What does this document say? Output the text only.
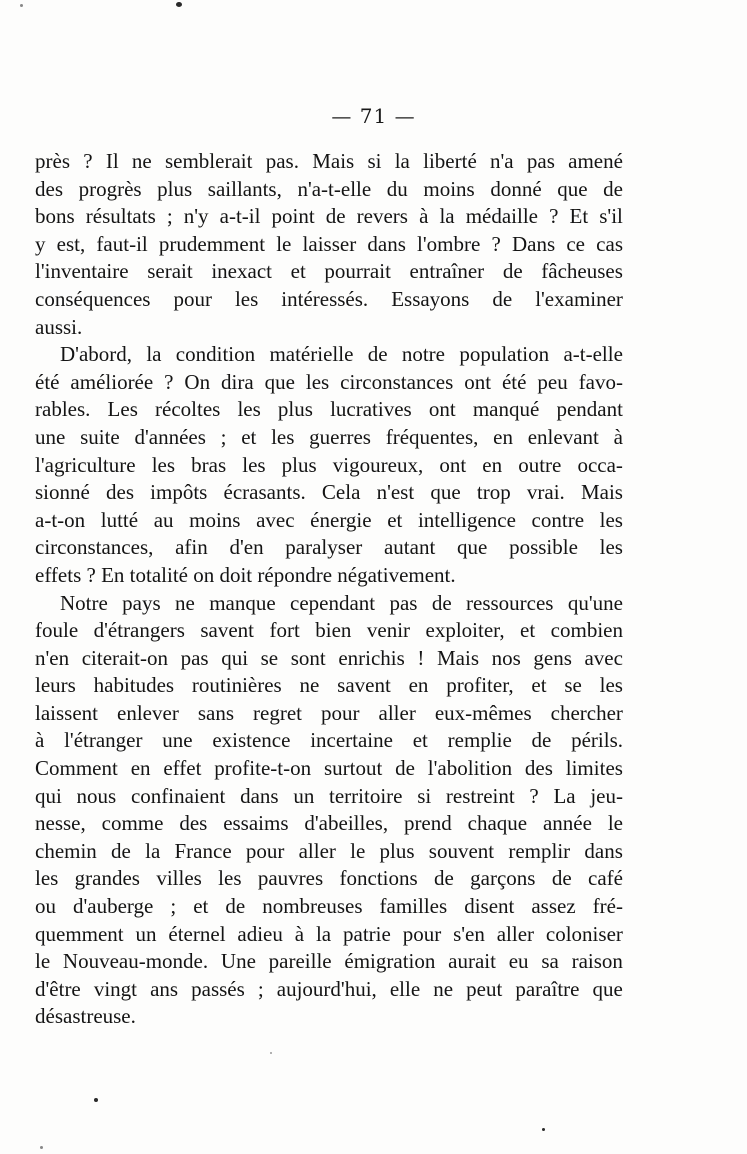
— 71 —

près ? Il ne semblerait pas. Mais si la liberté n'a pas amené
des progrès plus saillants, n'a-t-elle du moins donné que de
bons résultats ; n'y a-t-il point de revers à la médaille ? Et s'il
y est, faut-il prudemment le laisser dans l'ombre ? Dans ce cas
l'inventaire serait inexact et pourrait entraîner de fâcheuses
conséquences pour les intéressés. Essayons de l'examiner
aussi.

D'abord, la condition matérielle de notre population a-t-elle
été améliorée ? On dira que les circonstances ont été peu favo-
rables. Les récoltes les plus lucratives ont manqué pendant
une suite d'années ; et les guerres fréquentes, en enlevant à
l'agriculture les bras les plus vigoureux, ont en outre occa-
sionné des impôts écrasants. Cela n'est que trop vrai. Mais
a-t-on lutté au moins avec énergie et intelligence contre les
circonstances, afin d'en paralyser autant que possible les
effets ? En totalité on doit répondre négativement.

Notre pays ne manque cependant pas de ressources qu'une
foule d'étrangers savent fort bien venir exploiter, et combien
n'en citerait-on pas qui se sont enrichis ! Mais nos gens avec
leurs habitudes routinières ne savent en profiter, et se les
laissent enlever sans regret pour aller eux-mêmes chercher
à l'étranger une existence incertaine et remplie de périls.
Comment en effet profite-t-on surtout de l'abolition des limites
qui nous confinaient dans un territoire si restreint ? La jeu-
nesse, comme des essaims d'abeilles, prend chaque année le
chemin de la France pour aller le plus souvent remplir dans
les grandes villes les pauvres fonctions de garçons de café
ou d'auberge ; et de nombreuses familles disent assez fré-
quemment un éternel adieu à la patrie pour s'en aller coloniser
le Nouveau-monde. Une pareille émigration aurait eu sa raison
d'être vingt ans passés ; aujourd'hui, elle ne peut paraître que
désastreuse.
